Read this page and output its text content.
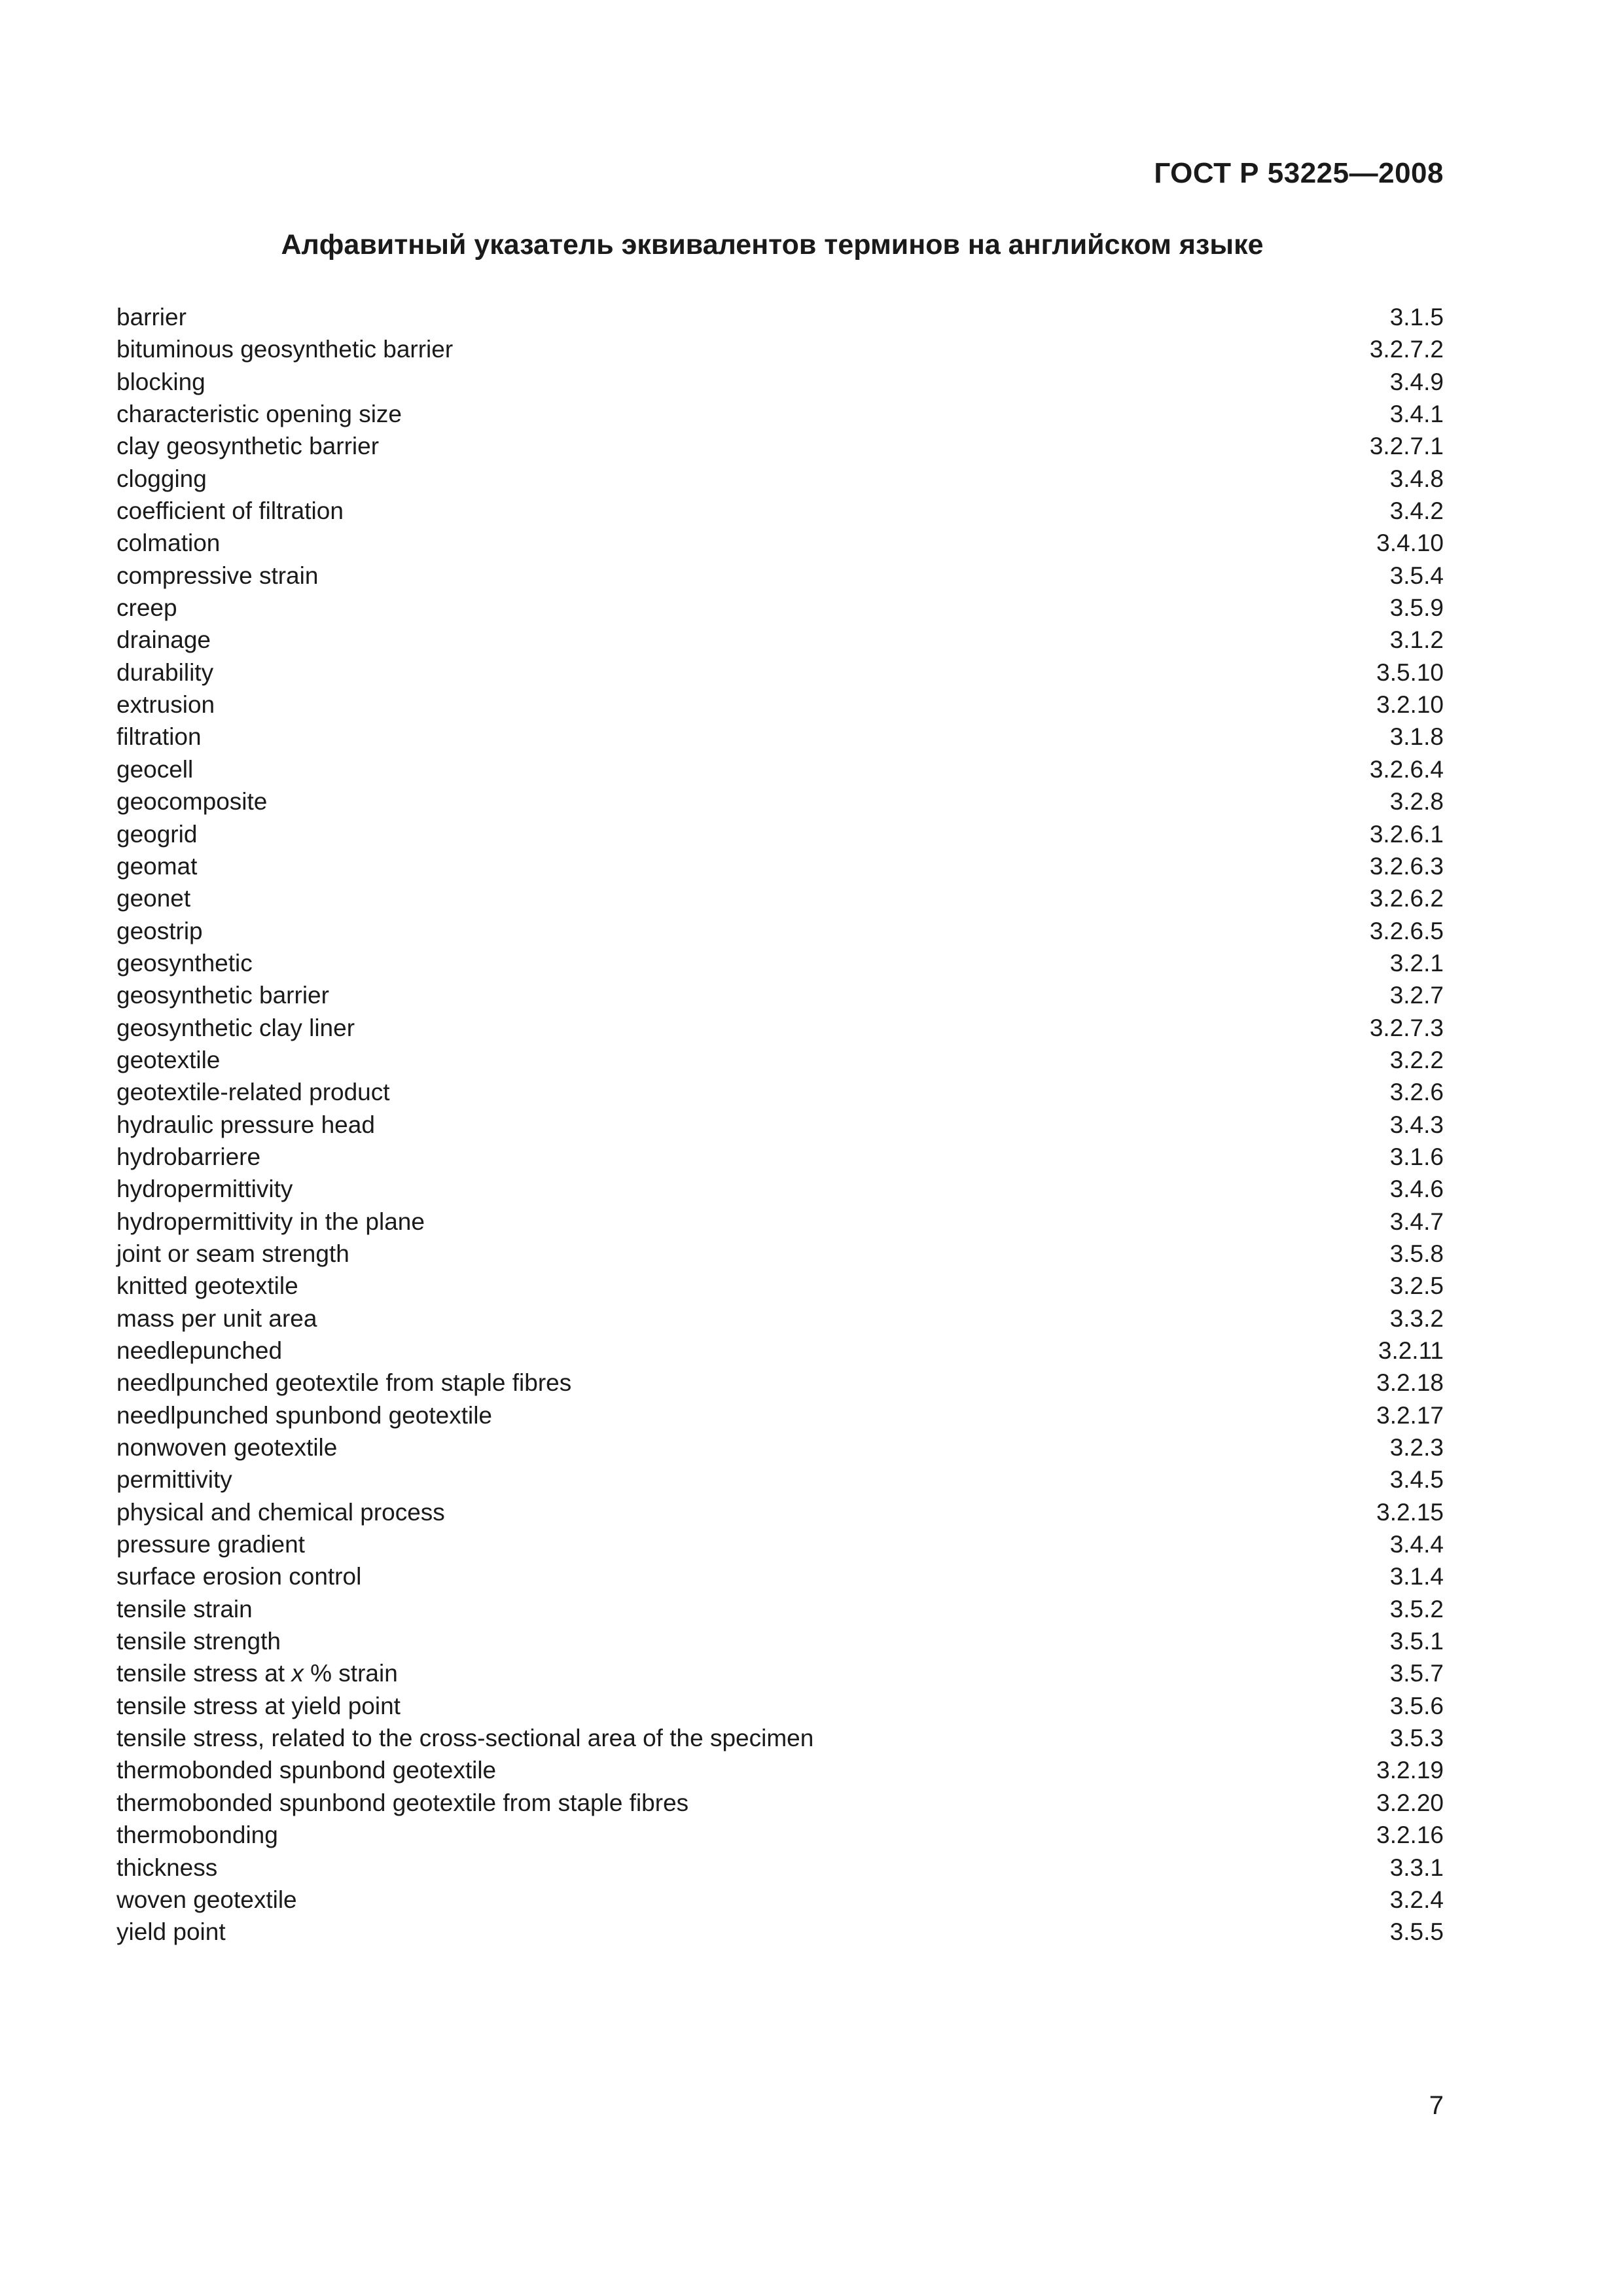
ГОСТ Р 53225—2008
Алфавитный указатель эквивалентов терминов на английском языке
barrier	3.1.5
bituminous geosynthetic barrier	3.2.7.2
blocking	3.4.9
characteristic opening size	3.4.1
clay geosynthetic barrier	3.2.7.1
clogging	3.4.8
coefficient of filtration	3.4.2
colmation	3.4.10
compressive strain	3.5.4
creep	3.5.9
drainage	3.1.2
durability	3.5.10
extrusion	3.2.10
filtration	3.1.8
geocell	3.2.6.4
geocomposite	3.2.8
geogrid	3.2.6.1
geomat	3.2.6.3
geonet	3.2.6.2
geostrip	3.2.6.5
geosynthetic	3.2.1
geosynthetic barrier	3.2.7
geosynthetic clay liner	3.2.7.3
geotextile	3.2.2
geotextile-related product	3.2.6
hydraulic pressure head	3.4.3
hydrobarriere	3.1.6
hydropermittivity	3.4.6
hydropermittivity in the plane	3.4.7
joint or seam strength	3.5.8
knitted geotextile	3.2.5
mass per unit area	3.3.2
needlepunched	3.2.11
needlpunched geotextile from staple fibres	3.2.18
needlpunched spunbond geotextile	3.2.17
nonwoven geotextile	3.2.3
permittivity	3.4.5
physical and chemical process	3.2.15
pressure gradient	3.4.4
surface erosion control	3.1.4
tensile strain	3.5.2
tensile strength	3.5.1
tensile stress at x % strain	3.5.7
tensile stress at yield point	3.5.6
tensile stress, related to the cross-sectional area of the specimen	3.5.3
thermobonded spunbond geotextile	3.2.19
thermobonded spunbond geotextile from staple fibres	3.2.20
thermobonding	3.2.16
thickness	3.3.1
woven geotextile	3.2.4
yield point	3.5.5
7
